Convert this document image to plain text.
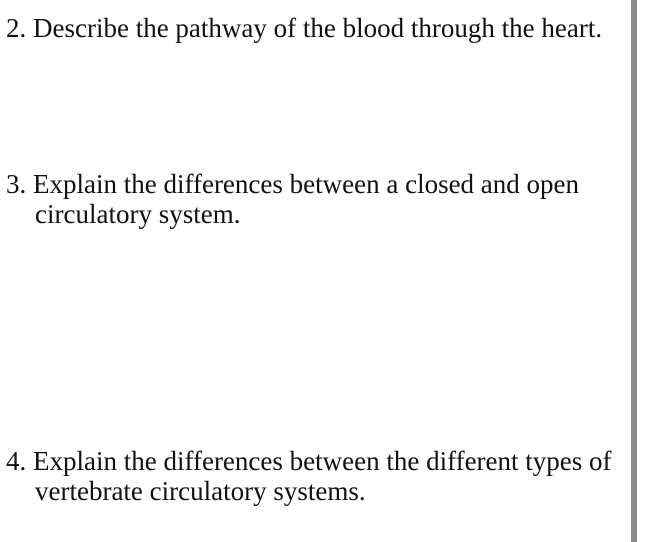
2. Describe the pathway of the blood through the heart.
3. Explain the differences between a closed and open
circulatory system.
4. Explain the differences between the different types of
vertebrate circulatory systems.
